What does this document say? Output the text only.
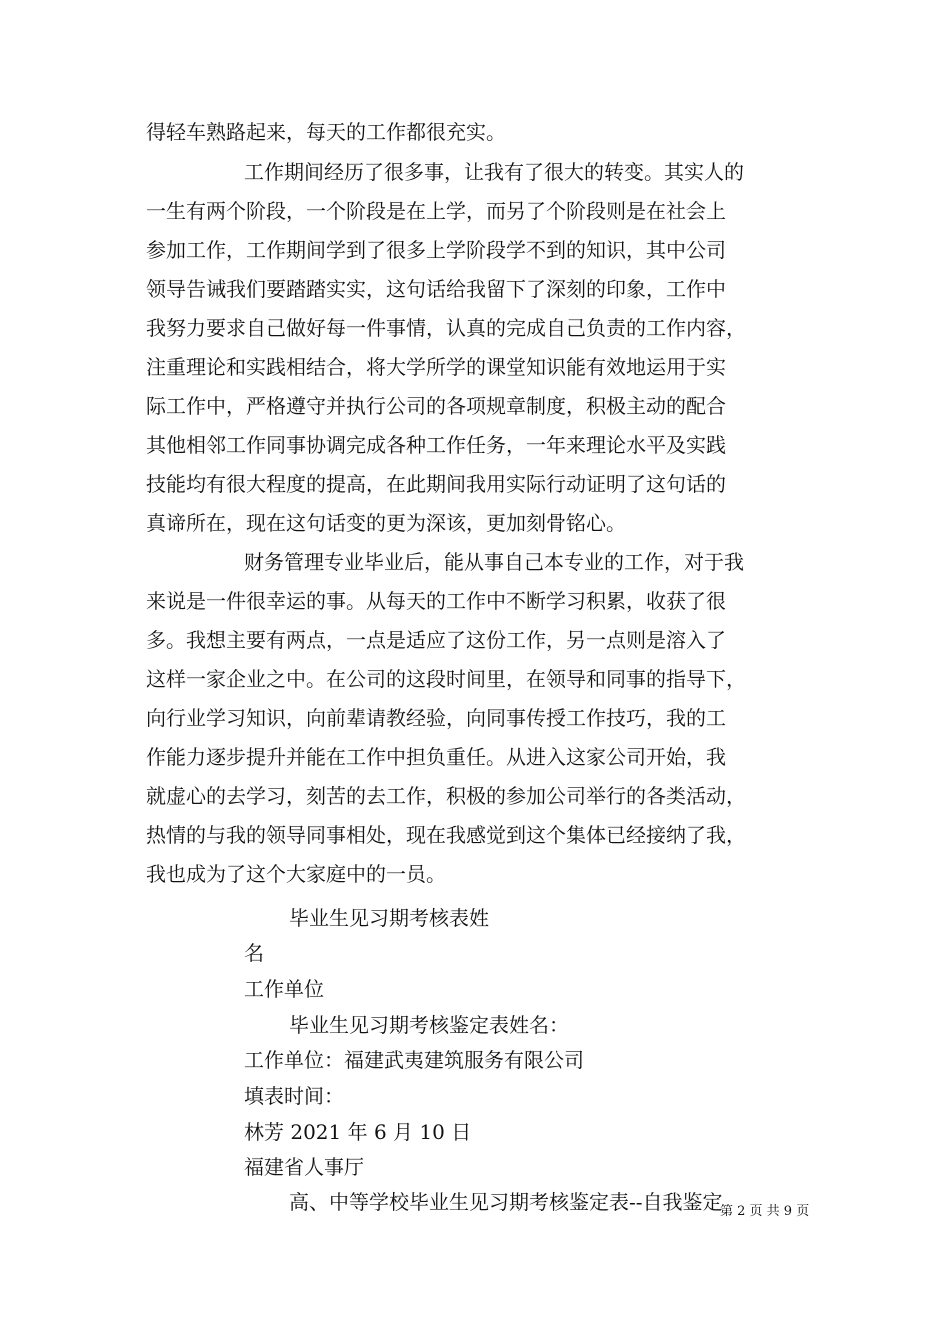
得轻车熟路起来，每天的工作都很充实。
工作期间经历了很多事，让我有了很大的转变。其实人的
一生有两个阶段，一个阶段是在上学，而另了个阶段则是在社会上
参加工作，工作期间学到了很多上学阶段学不到的知识，其中公司
领导告诫我们要踏踏实实，这句话给我留下了深刻的印象，工作中
我努力要求自己做好每一件事情，认真的完成自己负责的工作内容，
注重理论和实践相结合，将大学所学的课堂知识能有效地运用于实
际工作中，严格遵守并执行公司的各项规章制度，积极主动的配合
其他相邻工作同事协调完成各种工作任务，一年来理论水平及实践
技能均有很大程度的提高，在此期间我用实际行动证明了这句话的
真谛所在，现在这句话变的更为深该，更加刻骨铭心。
财务管理专业毕业后，能从事自己本专业的工作，对于我
来说是一件很幸运的事。从每天的工作中不断学习积累，收获了很
多。我想主要有两点，一点是适应了这份工作，另一点则是溶入了
这样一家企业之中。在公司的这段时间里，在领导和同事的指导下，
向行业学习知识，向前辈请教经验，向同事传授工作技巧，我的工
作能力逐步提升并能在工作中担负重任。从进入这家公司开始，我
就虚心的去学习，刻苦的去工作，积极的参加公司举行的各类活动，
热情的与我的领导同事相处，现在我感觉到这个集体已经接纳了我，
我也成为了这个大家庭中的一员。
毕业生见习期考核表姓
名
工作单位
毕业生见习期考核鉴定表姓名：
工作单位：福建武夷建筑服务有限公司
填表时间：
林芳 2021 年 6 月 10 日
福建省人事厅
高、中等学校毕业生见习期考核鉴定表--自我鉴定
第 2 页 共 9 页
